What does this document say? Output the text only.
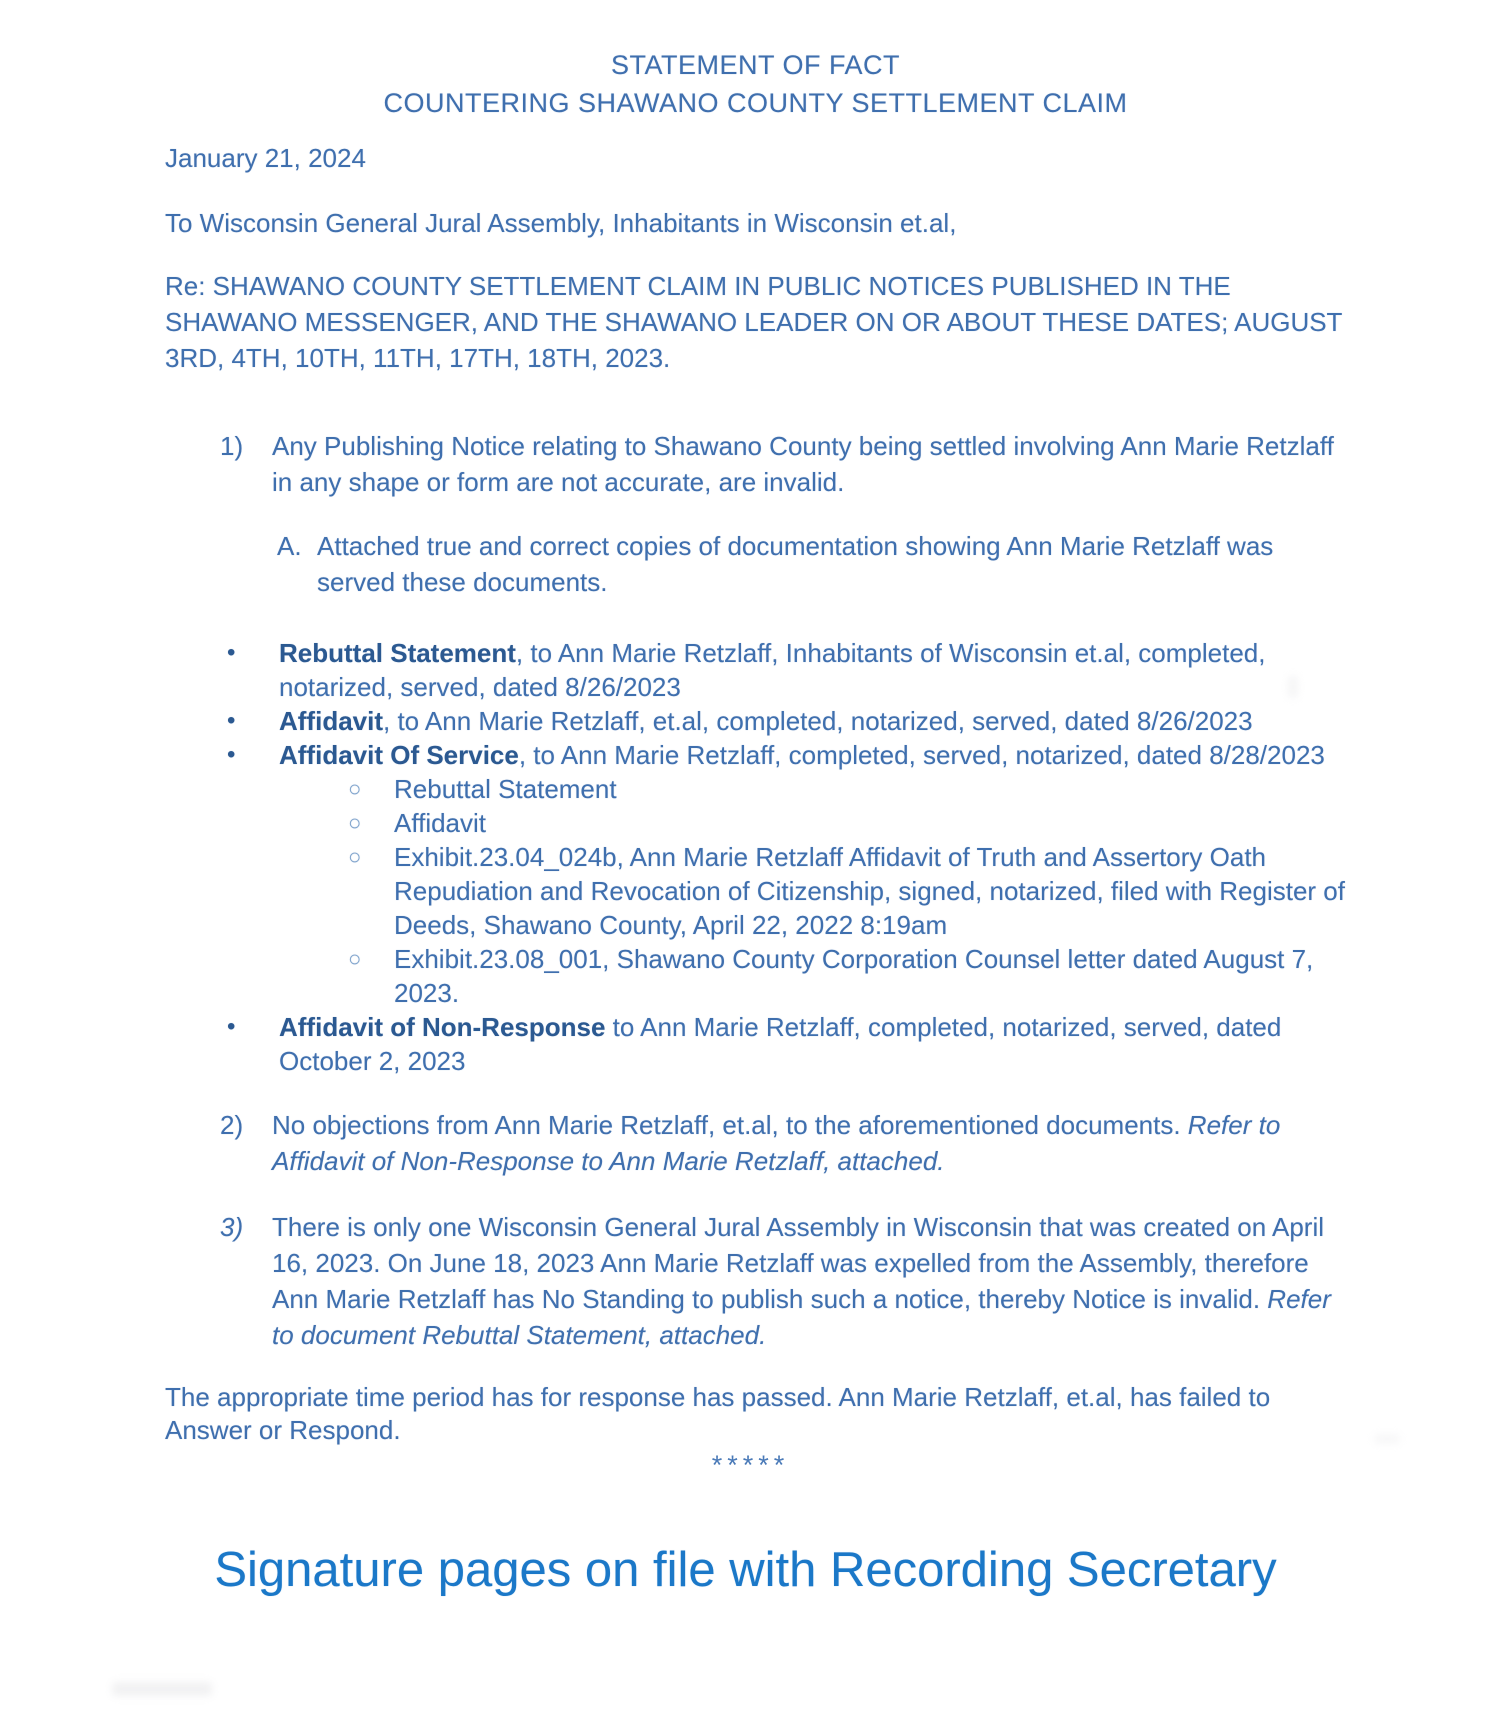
STATEMENT OF FACT
COUNTERING SHAWANO COUNTY SETTLEMENT CLAIM
January 21, 2024
To Wisconsin General Jural Assembly, Inhabitants in Wisconsin et.al,
Re: SHAWANO COUNTY SETTLEMENT CLAIM IN PUBLIC NOTICES PUBLISHED IN THE SHAWANO MESSENGER, AND THE SHAWANO LEADER ON OR ABOUT THESE DATES; AUGUST 3RD, 4TH, 10TH, 11TH, 17TH, 18TH, 2023.
1)	Any Publishing Notice relating to Shawano County being settled involving Ann Marie Retzlaff in any shape or form are not accurate, are invalid.
A. Attached true and correct copies of documentation showing Ann Marie Retzlaff was served these documents.
•	Rebuttal Statement, to Ann Marie Retzlaff, Inhabitants of Wisconsin et.al, completed, notarized, served, dated 8/26/2023
•	Affidavit, to Ann Marie Retzlaff, et.al, completed, notarized, served, dated 8/26/2023
•	Affidavit Of Service, to Ann Marie Retzlaff, completed, served, notarized, dated 8/28/2023
○	Rebuttal Statement
○	Affidavit
○	Exhibit.23.04_024b, Ann Marie Retzlaff Affidavit of Truth and Assertory Oath Repudiation and Revocation of Citizenship, signed, notarized, filed with Register of Deeds, Shawano County, April 22, 2022 8:19am
○	Exhibit.23.08_001, Shawano County Corporation Counsel letter dated August 7, 2023.
•	Affidavit of Non-Response to Ann Marie Retzlaff, completed, notarized, served, dated October 2, 2023
2)	No objections from Ann Marie Retzlaff, et.al, to the aforementioned documents. Refer to Affidavit of Non-Response to Ann Marie Retzlaff, attached.
3)	There is only one Wisconsin General Jural Assembly in Wisconsin that was created on April 16, 2023. On June 18, 2023 Ann Marie Retzlaff was expelled from the Assembly, therefore Ann Marie Retzlaff has No Standing to publish such a notice, thereby Notice is invalid. Refer to document Rebuttal Statement, attached.
The appropriate time period has for response has passed. Ann Marie Retzlaff, et.al, has failed to Answer or Respond.
*****
Signature pages on file with Recording Secretary
